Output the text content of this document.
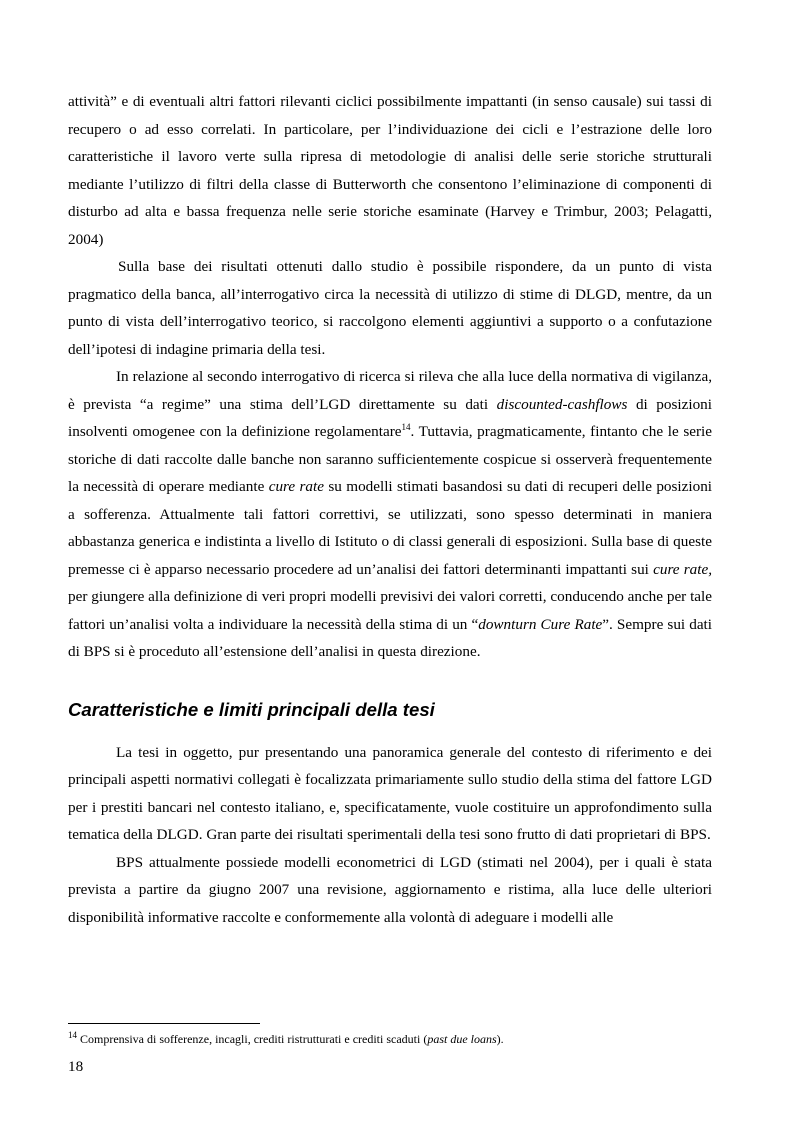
attività” e di eventuali altri fattori rilevanti ciclici possibilmente impattanti (in senso causale) sui tassi di recupero o ad esso correlati. In particolare, per l’individuazione dei cicli e l’estrazione delle loro caratteristiche il lavoro verte sulla ripresa di metodologie di analisi delle serie storiche strutturali mediante l’utilizzo di filtri della classe di Butterworth che consentono l’eliminazione di componenti di disturbo ad alta e bassa frequenza nelle serie storiche esaminate (Harvey e Trimbur, 2003; Pelagatti, 2004)

Sulla base dei risultati ottenuti dallo studio è possibile rispondere, da un punto di vista pragmatico della banca, all’interrogativo circa la necessità di utilizzo di stime di DLGD, mentre, da un punto di vista dell’interrogativo teorico, si raccolgono elementi aggiuntivi a supporto o a confutazione dell’ipotesi di indagine primaria della tesi.

In relazione al secondo interrogativo di ricerca si rileva che alla luce della normativa di vigilanza, è prevista “a regime” una stima dell’LGD direttamente su dati discounted-cashflows di posizioni insolventi omogenee con la definizione regolamentare$^{14}$. Tuttavia, pragmaticamente, fintanto che le serie storiche di dati raccolte dalle banche non saranno sufficientemente cospicue si osserverà frequentemente la necessità di operare mediante cure rate su modelli stimati basandosi su dati di recuperi delle posizioni a sofferenza. Attualmente tali fattori correttivi, se utilizzati, sono spesso determinati in maniera abbastanza generica e indistinta a livello di Istituto o di classi generali di esposizioni. Sulla base di queste premesse ci è apparso necessario procedere ad un’analisi dei fattori determinanti impattanti sui cure rate, per giungere alla definizione di veri propri modelli previsivi dei valori corretti, conducendo anche per tale fattori un’analisi volta a individuare la necessità della stima di un “downturn Cure Rate”. Sempre sui dati di BPS si è proceduto all’estensione dell’analisi in questa direzione.

Caratteristiche e limiti principali della tesi

La tesi in oggetto, pur presentando una panoramica generale del contesto di riferimento e dei principali aspetti normativi collegati è focalizzata primariamente sullo studio della stima del fattore LGD per i prestiti bancari nel contesto italiano, e, specificatamente, vuole costituire un approfondimento sulla tematica della DLGD. Gran parte dei risultati sperimentali della tesi sono frutto di dati proprietari di BPS.

BPS attualmente possiede modelli econometrici di LGD (stimati nel 2004), per i quali è stata prevista a partire da giugno 2007 una revisione, aggiornamento e ristima, alla luce delle ulteriori disponibilità informative raccolte e conformemente alla volontà di adeguare i modelli alle

$^{14}$ Comprensiva di sofferenze, incagli, crediti ristrutturati e crediti scaduti (past due loans).
18
